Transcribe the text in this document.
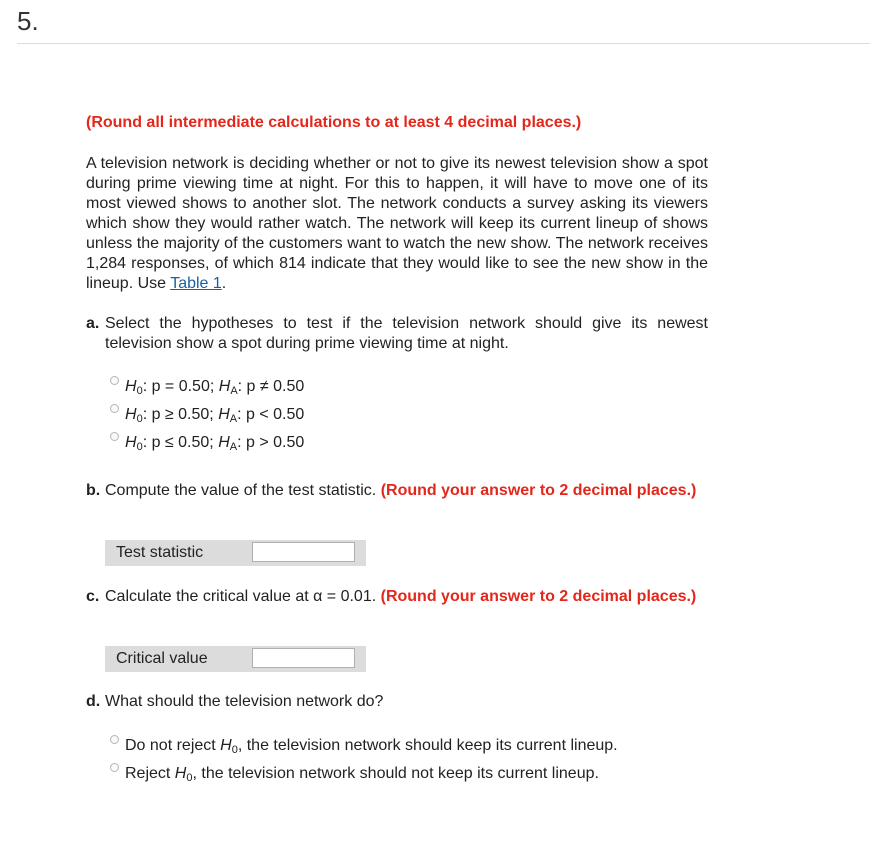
5.
(Round all intermediate calculations to at least 4 decimal places.)
A television network is deciding whether or not to give its newest television show a spot during prime viewing time at night. For this to happen, it will have to move one of its most viewed shows to another slot. The network conducts a survey asking its viewers which show they would rather watch. The network will keep its current lineup of shows unless the majority of the customers want to watch the new show. The network receives 1,284 responses, of which 814 indicate that they would like to see the new show in the lineup. Use Table 1.
a. Select the hypotheses to test if the television network should give its newest television show a spot during prime viewing time at night.
H0: p = 0.50; HA: p ≠ 0.50
H0: p ≥ 0.50; HA: p < 0.50
H0: p ≤ 0.50; HA: p > 0.50
b. Compute the value of the test statistic. (Round your answer to 2 decimal places.)
Test statistic
c. Calculate the critical value at α = 0.01. (Round your answer to 2 decimal places.)
Critical value
d. What should the television network do?
Do not reject H0, the television network should keep its current lineup.
Reject H0, the television network should not keep its current lineup.
